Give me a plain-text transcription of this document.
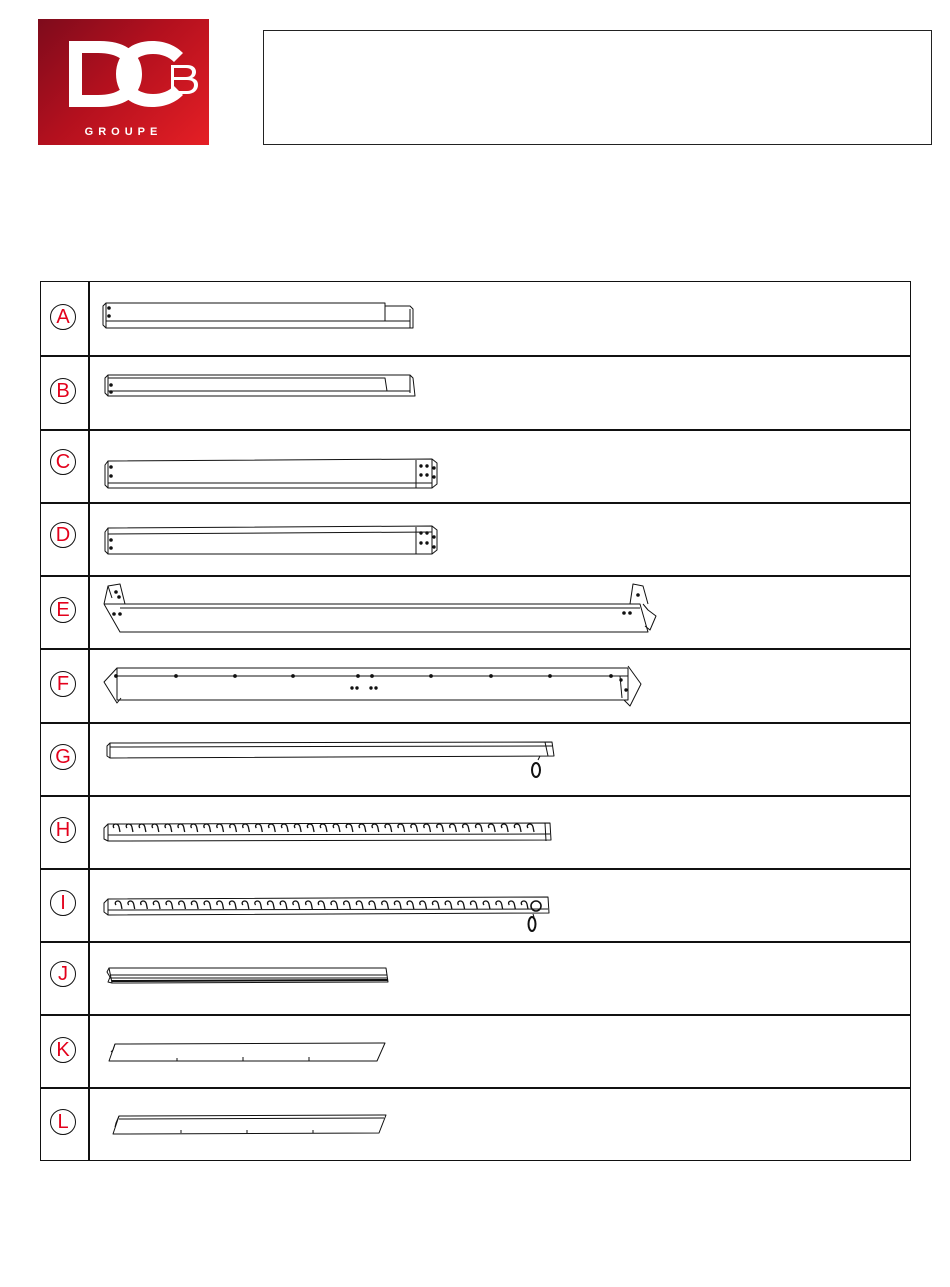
GROUPE
A
B
C
D
E
F
G
H
I
J
K
L
